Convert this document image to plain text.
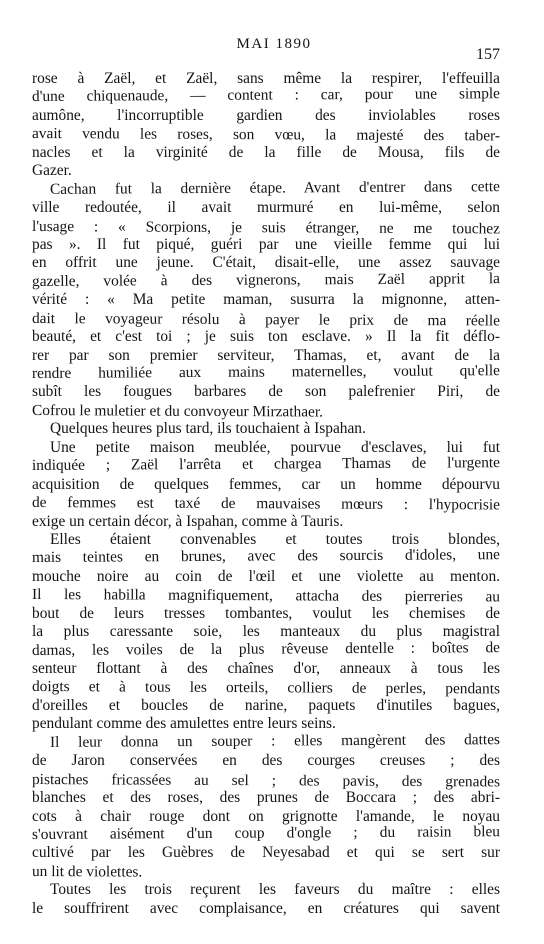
MAI 1890
157
rose à Zaël, et Zaël, sans même la respirer, l'effeuilla
d'une chiquenaude, — content : car, pour une simple
aumône, l'incorruptible gardien des inviolables roses
avait vendu les roses, son vœu, la majesté des taber-
nacles et la virginité de la fille de Mousa, fils de
Gazer.
Cachan fut la dernière étape. Avant d'entrer dans cette
ville redoutée, il avait murmuré en lui-même, selon
l'usage : « Scorpions, je suis étranger, ne me touchez
pas ». Il fut piqué, guéri par une vieille femme qui lui
en offrit une jeune. C'était, disait-elle, une assez sauvage
gazelle, volée à des vignerons, mais Zaël apprit la
vérité : « Ma petite maman, susurra la mignonne, atten-
dait le voyageur résolu à payer le prix de ma réelle
beauté, et c'est toi ; je suis ton esclave. » Il la fit déflo-
rer par son premier serviteur, Thamas, et, avant de la
rendre humiliée aux mains maternelles, voulut qu'elle
subît les fougues barbares de son palefrenier Piri, de
Cofrou le muletier et du convoyeur Mirzathaer.
Quelques heures plus tard, ils touchaient à Ispahan.
Une petite maison meublée, pourvue d'esclaves, lui fut
indiquée ; Zaël l'arrêta et chargea Thamas de l'urgente
acquisition de quelques femmes, car un homme dépourvu
de femmes est taxé de mauvaises mœurs : l'hypocrisie
exige un certain décor, à Ispahan, comme à Tauris.
Elles étaient convenables et toutes trois blondes,
mais teintes en brunes, avec des sourcis d'idoles, une
mouche noire au coin de l'œil et une violette au menton.
Il les habilla magnifiquement, attacha des pierreries au
bout de leurs tresses tombantes, voulut les chemises de
la plus caressante soie, les manteaux du plus magistral
damas, les voiles de la plus rêveuse dentelle : boîtes de
senteur flottant à des chaînes d'or, anneaux à tous les
doigts et à tous les orteils, colliers de perles, pendants
d'oreilles et boucles de narine, paquets d'inutiles bagues,
pendulant comme des amulettes entre leurs seins.
Il leur donna un souper : elles mangèrent des dattes
de Jaron conservées en des courges creuses ; des
pistaches fricassées au sel ; des pavis, des grenades
blanches et des roses, des prunes de Boccara ; des abri-
cots à chair rouge dont on grignotte l'amande, le noyau
s'ouvrant aisément d'un coup d'ongle ; du raisin bleu
cultivé par les Guèbres de Neyesabad et qui se sert sur
un lit de violettes.
Toutes les trois reçurent les faveurs du maître : elles
le souffrirent avec complaisance, en créatures qui savent
